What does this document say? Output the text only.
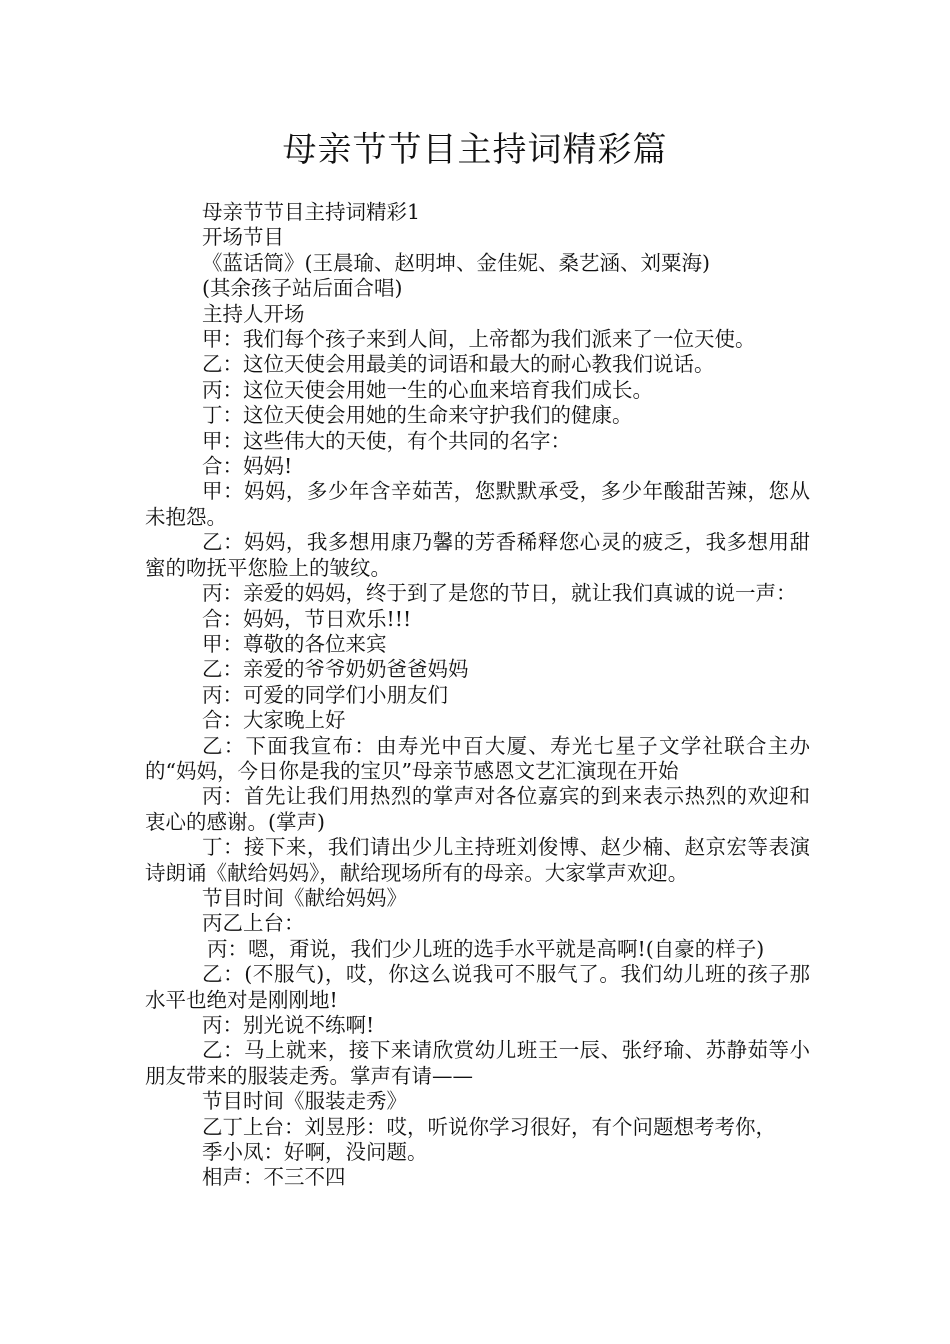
母亲节节目主持词精彩篇

母亲节节目主持词精彩1

开场节目

《蓝话筒》(王晨瑜、赵明坤、金佳妮、桑艺涵、刘粟海)

(其余孩子站后面合唱)

主持人开场

甲：我们每个孩子来到人间，上帝都为我们派来了一位天使。

乙：这位天使会用最美的词语和最大的耐心教我们说话。

丙：这位天使会用她一生的心血来培育我们成长。

丁：这位天使会用她的生命来守护我们的健康。

甲：这些伟大的天使，有个共同的名字：

合：妈妈!

甲：妈妈，多少年含辛茹苦，您默默承受，多少年酸甜苦辣，您从未抱怨。

乙：妈妈，我多想用康乃馨的芳香稀释您心灵的疲乏，我多想用甜蜜的吻抚平您脸上的皱纹。

丙：亲爱的妈妈，终于到了是您的节日，就让我们真诚的说一声：

合：妈妈，节日欢乐!!!

甲：尊敬的各位来宾

乙：亲爱的爷爷奶奶爸爸妈妈

丙：可爱的同学们小朋友们

合：大家晚上好

乙：下面我宣布：由寿光中百大厦、寿光七星子文学社联合主办的“妈妈，今日你是我的宝贝”母亲节感恩文艺汇演现在开始

丙：首先让我们用热烈的掌声对各位嘉宾的到来表示热烈的欢迎和衷心的感谢。(掌声)

丁：接下来，我们请出少儿主持班刘俊博、赵少楠、赵京宏等表演诗朗诵《献给妈妈》，献给现场所有的母亲。大家掌声欢迎。

节目时间《献给妈妈》

丙乙上台：

丙：嗯，甭说，我们少儿班的选手水平就是高啊!(自豪的样子)

乙：(不服气)，哎，你这么说我可不服气了。我们幼儿班的孩子那水平也绝对是刚刚地!

丙：别光说不练啊!

乙：马上就来，接下来请欣赏幼儿班王一辰、张纾瑜、苏静茹等小朋友带来的服装走秀。掌声有请——

节目时间《服装走秀》

乙丁上台：刘昱彤：哎，听说你学习很好，有个问题想考考你，

季小凤：好啊，没问题。

相声：不三不四
